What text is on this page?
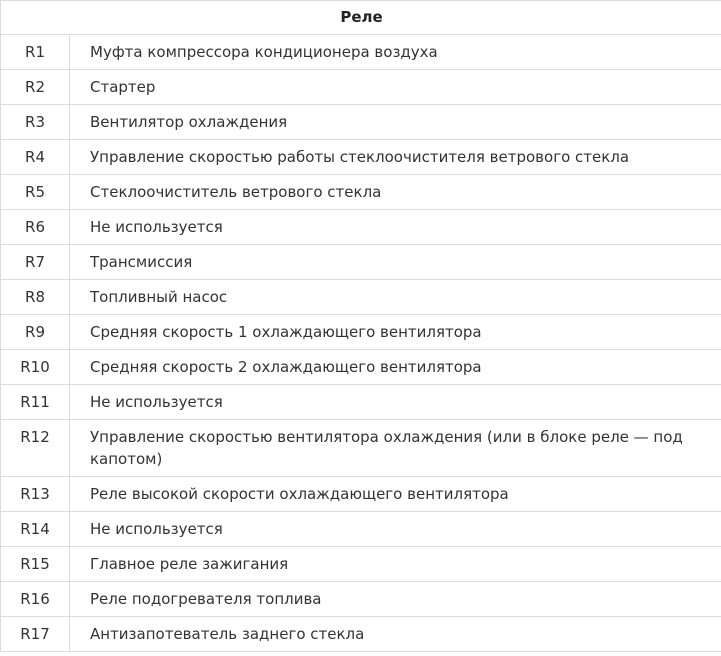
Реле	
R1	Муфта компрессора кондиционера воздуха
R2	Стартер
R3	Вентилятор охлаждения
R4	Управление скоростью работы стеклоочистителя ветрового стекла
R5	Стеклоочиститель ветрового стекла
R6	Не используется
R7	Трансмиссия
R8	Топливный насос
R9	Средняя скорость 1 охлаждающего вентилятора
R10	Средняя скорость 2 охлаждающего вентилятора
R11	Не используется
R12	Управление скоростью вентилятора охлаждения (или в блоке реле — под капотом)
R13	Реле высокой скорости охлаждающего вентилятора
R14	Не используется
R15	Главное реле зажигания
R16	Реле подогревателя топлива
R17	Антизапотеватель заднего стекла
